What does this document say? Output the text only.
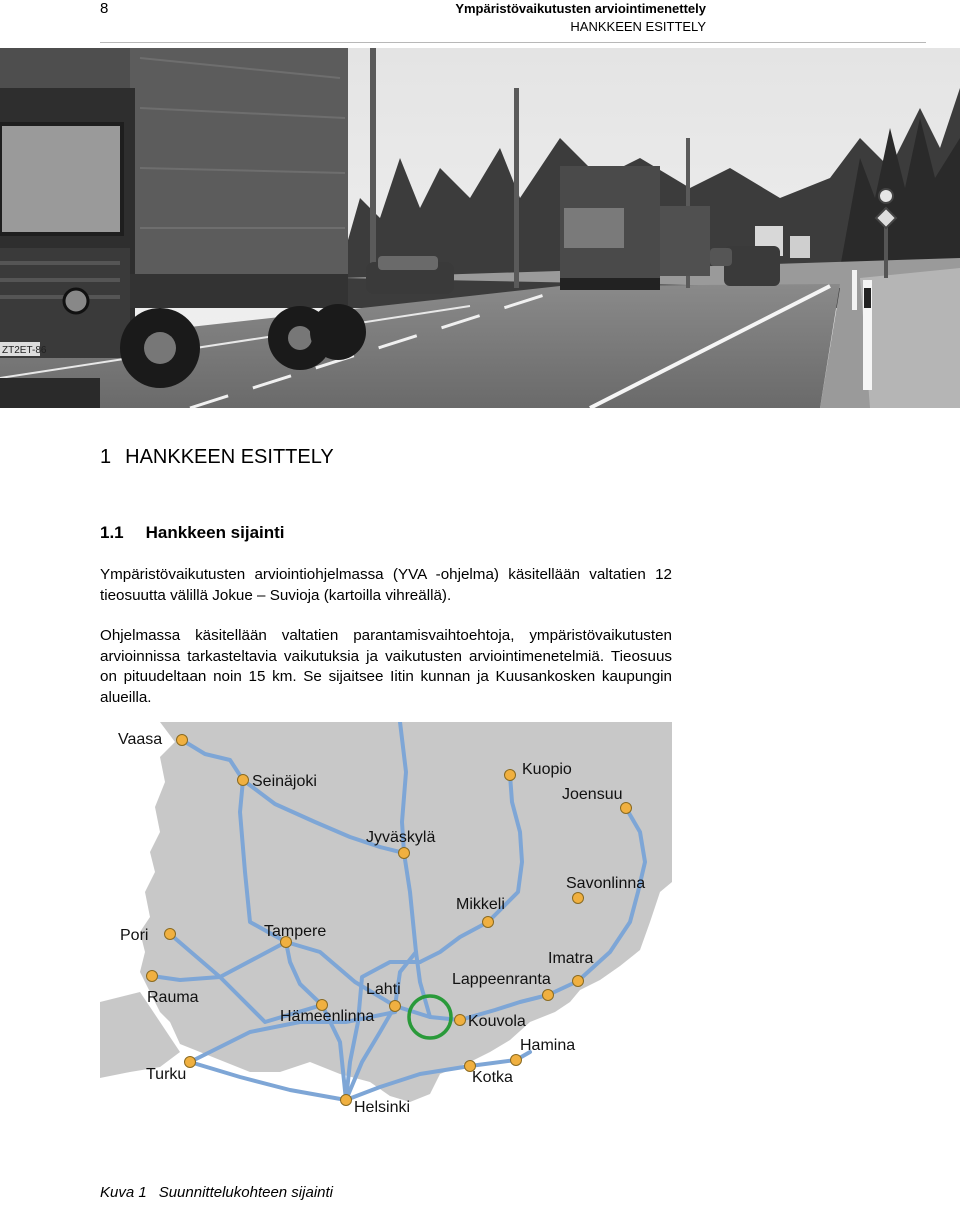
8	Ympäristövaikutusten arviointimenettely
HANKKEEN ESITTELY
ZT2ET-86
1 HANKKEEN ESITTELY
1.1 Hankkeen sijainti

Ympäristövaikutusten arviointiohjelmassa (YVA -ohjelma) käsitellään valtatien 12 tieosuutta välillä Jokue – Suvioja (kartoilla vihreällä).

Ohjelmassa käsitellään valtatien parantamisvaihtoehtoja, ympäristövaikutusten arvioinnissa tarkasteltavia vaikutuksia ja vaikutusten arviointimenetelmiä. Tieosuus on pituudeltaan noin 15 km. Se sijaitsee Iitin kunnan ja Kuusankosken kaupungin alueilla.

Vaasa
Seinäjoki
Kuopio
Joensuu
Jyväskylä
Savonlinna
Mikkeli
Pori	Tampere
Imatra
Lappeenranta
Lahti
Rauma
Hämeenlinna	Kouvola
Hamina
Kotka
Turku
Helsinki
Kuva 1 Suunnittelukohteen sijainti
